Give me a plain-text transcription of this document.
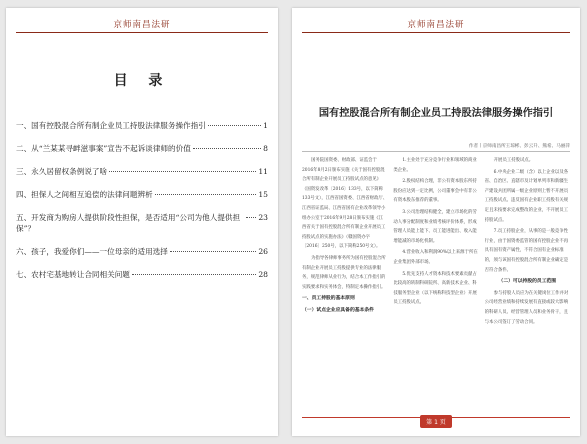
京师南昌法研
目 录
一、国有控股混合所有制企业员工持股法律服务操作指引	1
二、从“兰某某寻衅滋事案”宣告不起诉谈律师的价值	8
三、永久居留权条例说了啥	11
四、担保人之间相互追偿的法律问题辨析	15
五、开发商为购房人提供阶段性担保，是否适用“公司为他人提供担保”？
23
六、孩子，我爱你们——一位母亲的适用选择	26
七、农村宅基地转让合同相关问题	28
京师南昌法研
国有控股混合所有制企业员工持股法律服务操作指引
作者丨京师南昌所王琼彬、彭云升、熊希、马丽萍

国务院国资委、财政部、证监会于2016年8月2日颁布实施《关于国有控股混合所有制企业开展员工持股试点的意见》（国资发改革〔2016〕133号，以下简称133号文），江西省国资委、江西省财政厅、江西省证监局、江西省国有企业改革领导小组办公室于2016年9月28日颁布实施《江西省关于国有控股混合所有制企业开展员工持股试点的实施办法》（赣国资办字〔2016〕250号，以下简称250号文）。

为指导各律师事务所为国有控股混合所有制企业开展员工持股提供专业的法律服务，规范律师从业行为，结合本工作指引的实践要求和实务体会，特制定本操作指引。

一、员工持股的基本原则
（一）试点企业应具备的基本条件

1.主业处于充分竞争行业和领域的商业类企业。

2.股权结构合理，非公有资本股东所持股份应达到一定比例，公司董事会中有非公有资本股东推荐的董事。

3.公司治理结构健全，建立市场化的劳动人事分配制度和业绩考核评价体系，形成管理人员能上能下、员工能进能出、收入能增能减的市场化机制。

4.营业收入和利润90%以上来源于所在企业集团外部市场。

5.优先支持人才资本和技术要素贡献占比较高的转制科研院所、高新技术企业、科技服务型企业（以下统称科技型企业）开展员工持股试点。

开展员工持股试点。

6.中央企业二级（含）以上企业以及各省、自治区、直辖市及计划单列市和新疆生产建设兵团所属一级企业原则上暂不开展员工持股试点。违反国有企业职工持股有关规定且未按要求完成整改的企业，不开展员工持股试点。

7.员工持股企业，从事的是一般竞争性行业，由于国资委监管的国有控股企业不再具有国有资产属性，不符合国有企业标准的，须与该国有控股混合所有制企业确定是否符合条件。

（二）可以持股的员工范围

参与持股人员应为在关键岗位工作并对公司经营业绩和持续发展有直接或较大影响的科研人员、经营管理人员和业务骨干，且与本公司签订了劳动合同。

第 1 页
